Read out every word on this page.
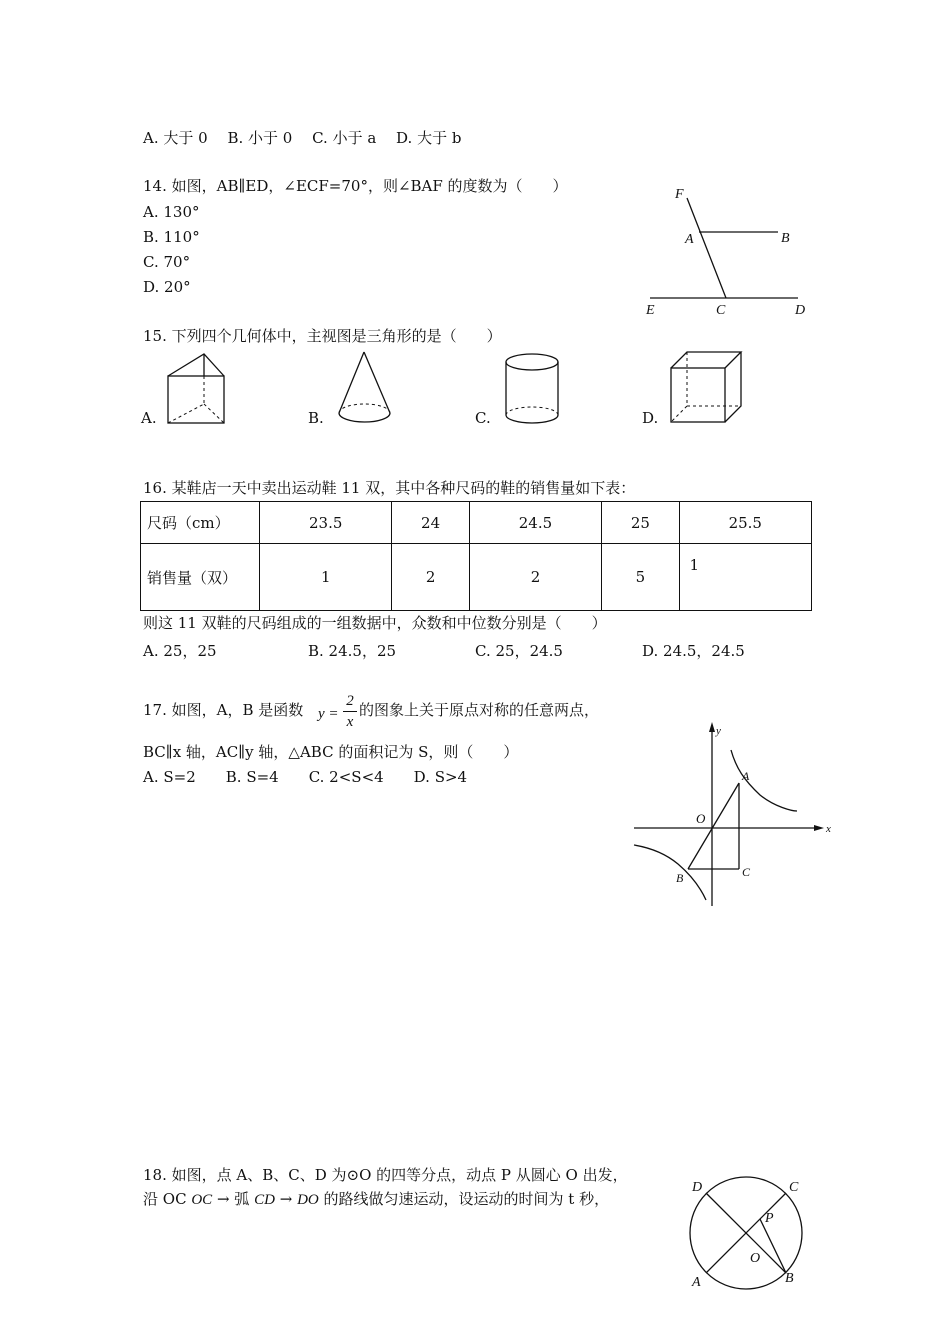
A. 大于 0　 B. 小于 0　 C. 小于 a　 D. 大于 b
14. 如图，AB∥ED，∠ECF=70°，则∠BAF 的度数为（　　）
A. 130°
B. 110°
C. 70°
D. 20°
F
A	B
E	C	D
15. 下列四个几何体中，主视图是三角形的是（　　）
A.	B.	C.	D.
16. 某鞋店一天中卖出运动鞋 11 双，其中各种尺码的鞋的销售量如下表：
尺码（cm）	23.5	24	24.5	25	25.5
销售量（双）	1	2	2	5	1
则这 11 双鞋的尺码组成的一组数据中，众数和中位数分别是（　　）
A. 25，25	B. 24.5，25	C. 25，24.5	D. 24.5，24.5
17. 如图，A，B 是函数 y =
2
x
的图象上关于原点对称的任意两点，
BC∥x 轴，AC∥y 轴，△ABC 的面积记为 S，则（　　）
A. S=2　　B. S=4　　C. 2<S<4　　D. S>4
y
A
O
x
B	C
18. 如图，点 A、B、C、D 为⊙O 的四等分点，动点 P 从圆心 O 出发，
沿 OC OC → 弧 CD → DO 的路线做匀速运动，设运动的时间为 t 秒，
D	C
P
O
A	B
